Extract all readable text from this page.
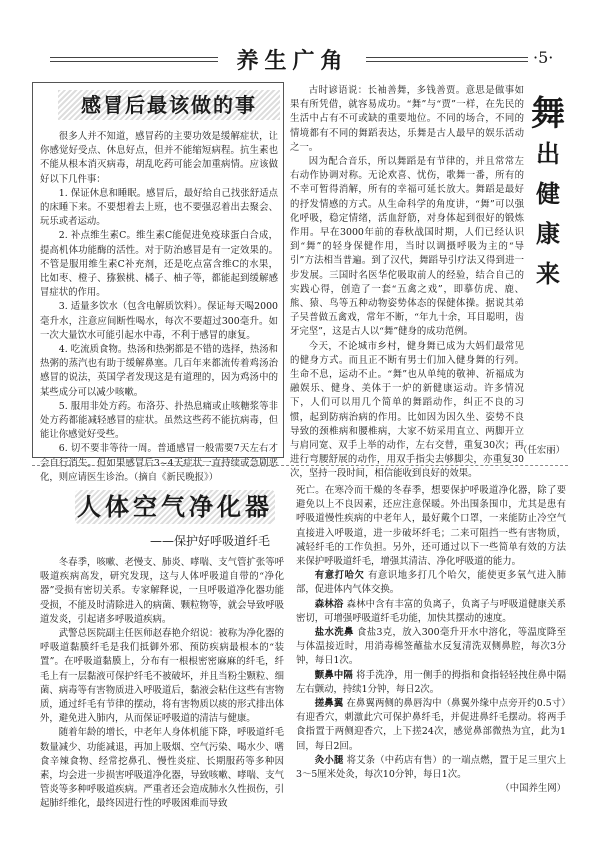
养生广角	·5·
感冒后最该做的事

很多人并不知道，感冒药的主要功效是缓解症状，让你感觉好受点、休息好点，但并不能缩短病程。抗生素也不能从根本消灭病毒，胡乱吃药可能会加重病情。应该做好以下几件事：

1. 保证休息和睡眠。感冒后，最好给自己找张舒适点的床睡下来。不要想着去上班，也不要强忍着出去聚会、玩乐或者运动。

2. 补点维生素C。维生素C能促进免疫球蛋白合成，提高机体功能酶的活性。对于防治感冒是有一定效果的。不管是服用维生素C补充剂，还是吃点富含维C的水果，比如枣、橙子、猕猴桃、橘子、柚子等，都能起到缓解感冒症状的作用。

3. 适量多饮水（包含电解质饮料）。保证每天喝2000毫升水，注意应间断性喝水，每次不要超过300毫升。如一次大量饮水可能引起水中毒，不利于感冒的康复。

4. 吃流质食物。热汤和热粥都是不错的选择，热汤和热粥的蒸汽也有助于缓解鼻塞。几百年来都流传着鸡汤治感冒的说法，英国学者发现这是有道理的，因为鸡汤中的某些成分可以减少咳嗽。

5. 服用非处方药。布洛芬、扑热息痛或止咳糖浆等非处方药都能减轻感冒的症状。虽然这些药不能抗病毒，但能让你感觉好受些。

6. 切不要非等待一周。普通感冒一般需要7天左右才会自行消失。但如果感冒后3~4天症状一直持续或急剧恶化，则应请医生诊治。（摘自《新民晚报》）

古时谚语说：长袖善舞，多钱善贾。意思是做事如果有所凭借，就容易成功。“舞”与“贾”一样，在先民的生活中占有不可或缺的重要地位。不同的场合，不同的情境都有不同的舞蹈表达，乐舞是古人最早的娱乐活动之一。

因为配合音乐，所以舞蹈是有节律的，并且常常左右动作协调对称。无论欢喜、忧伤，歌舞一番，所有的不幸可暂得消解，所有的幸福可延长放大。舞蹈是最好的抒发情感的方式。从生命科学的角度讲，“舞”可以强化呼吸，稳定情绪，活血舒筋，对身体起到很好的锻炼作用。早在3000年前的春秋战国时期，人们已经认识到“舞”的轻身保健作用，当时以调摄呼吸为主的“导引”方法相当普遍。到了汉代，舞蹈导引疗法又得到进一步发展。三国时名医华佗吸取前人的经验，结合自己的实践心得，创造了一套“五禽之戏”，即摹仿虎、鹿、熊、猿、鸟等五种动物姿势体态的保健体操。据说其弟子吴普做五禽戏，常年不断，“年九十余，耳目聪明，齿牙完坚”，这是古人以“舞”健身的成功范例。

今天，不论城市乡村，健身舞已成为大妈们最常见的健身方式。而且正不断有男士们加入健身舞的行列。生命不息，运动不止。“舞”也从单纯的敬神、祈福成为融娱乐、健身、美体于一炉的新健康运动。许多情况下，人们可以用几个简单的舞蹈动作，纠正不良的习惯，起到防病治病的作用。比如因为因久坐、姿势不良导致的颈椎病和腰椎病，大家不妨采用直立、两脚开立与肩同宽、双手上举的动作，左右交替，重复30次；再进行弯腰舒展的动作，用双手指尖去够脚尖，亦重复30次，坚持一段时间，相信能收到良好的效果。

舞
出
健
康
来
（任宏丽）
人体空气净化器
——保护好呼吸道纤毛

冬春季，咳嗽、老慢支、肺炎、哮喘、支气管扩张等呼吸道疾病高发，研究发现，这与人体呼吸道自带的“净化器”受损有密切关系。专家解释说，一旦呼吸道净化器功能受损，不能及时清除进入的病菌、颗粒物等，就会导致呼吸道发炎，引起诸多呼吸道疾病。

武警总医院副主任医师赵春艳介绍说：被称为净化器的呼吸道黏膜纤毛是我们抵御外邪、预防疾病最根本的“装置”。在呼吸道黏膜上，分布有一根根密密麻麻的纤毛，纤毛上有一层黏液可保护纤毛不被破坏，并且当粉尘颗粒、细菌、病毒等有害物质进入呼吸道后，黏液会粘住这些有害物质，通过纤毛有节律的摆动，将有害物质以痰的形式排出体外，避免进入肺内，从而保证呼吸道的清洁与健康。

随着年龄的增长，中老年人身体机能下降，呼吸道纤毛数量减少、功能减退，再加上吸烟、空气污染、喝水少、嗜食辛辣食物、经常挖鼻孔、慢性炎症、长期服药等多种因素，均会进一步损害呼吸道净化器，导致咳嗽、哮喘、支气管炎等多种呼吸道疾病。严重者还会造成肺水久性损伤，引起肺纤维化，最终因进行性的呼吸困难而导致

死亡。在寒冷而干燥的冬春季，想要保护呼吸道净化器，除了要避免以上不良因素，还应注意保暖。外出围条围巾，尤其是患有呼吸道慢性疾病的中老年人，最好戴个口罩，一来能防止冷空气直接进入呼吸道，进一步破坏纤毛；二来可阻挡一些有害物质，减轻纤毛的工作负担。另外，还可通过以下一些简单有效的方法来保护呼吸道纤毛，增强其清洁、净化呼吸道的能力。

有意打哈欠 有意识地多打几个哈欠，能使更多氧气进入肺部，促进体内气体交换。

森林浴 森林中含有丰富的负离子，负离子与呼吸道健康关系密切，可增强呼吸道纤毛功能，加快其摆动的速度。

盐水洗鼻 食盐3克，放入300毫升开水中溶化，等温度降至与体温接近时，用消毒棉签蘸盐水反复清洗双侧鼻腔，每次3分钟，每日1次。

颤鼻中隔 将手洗净，用一侧手的拇指和食指轻轻拽住鼻中隔左右颤动，持续1分钟，每日2次。

搓鼻翼 在鼻翼两侧的鼻唇沟中（鼻翼外缘中点旁开约0.5寸）有迎香穴，刺激此穴可保护鼻纤毛，并促进鼻纤毛摆动。将两手食指置于两侧迎香穴，上下搓24次，感觉鼻部微热为宜，此为1回，每日2回。

灸小腿 将艾条（中药店有售）的一端点燃，置于足三里穴上3～5厘米处灸，每次10分钟，每日1次。

（中国养生网）
